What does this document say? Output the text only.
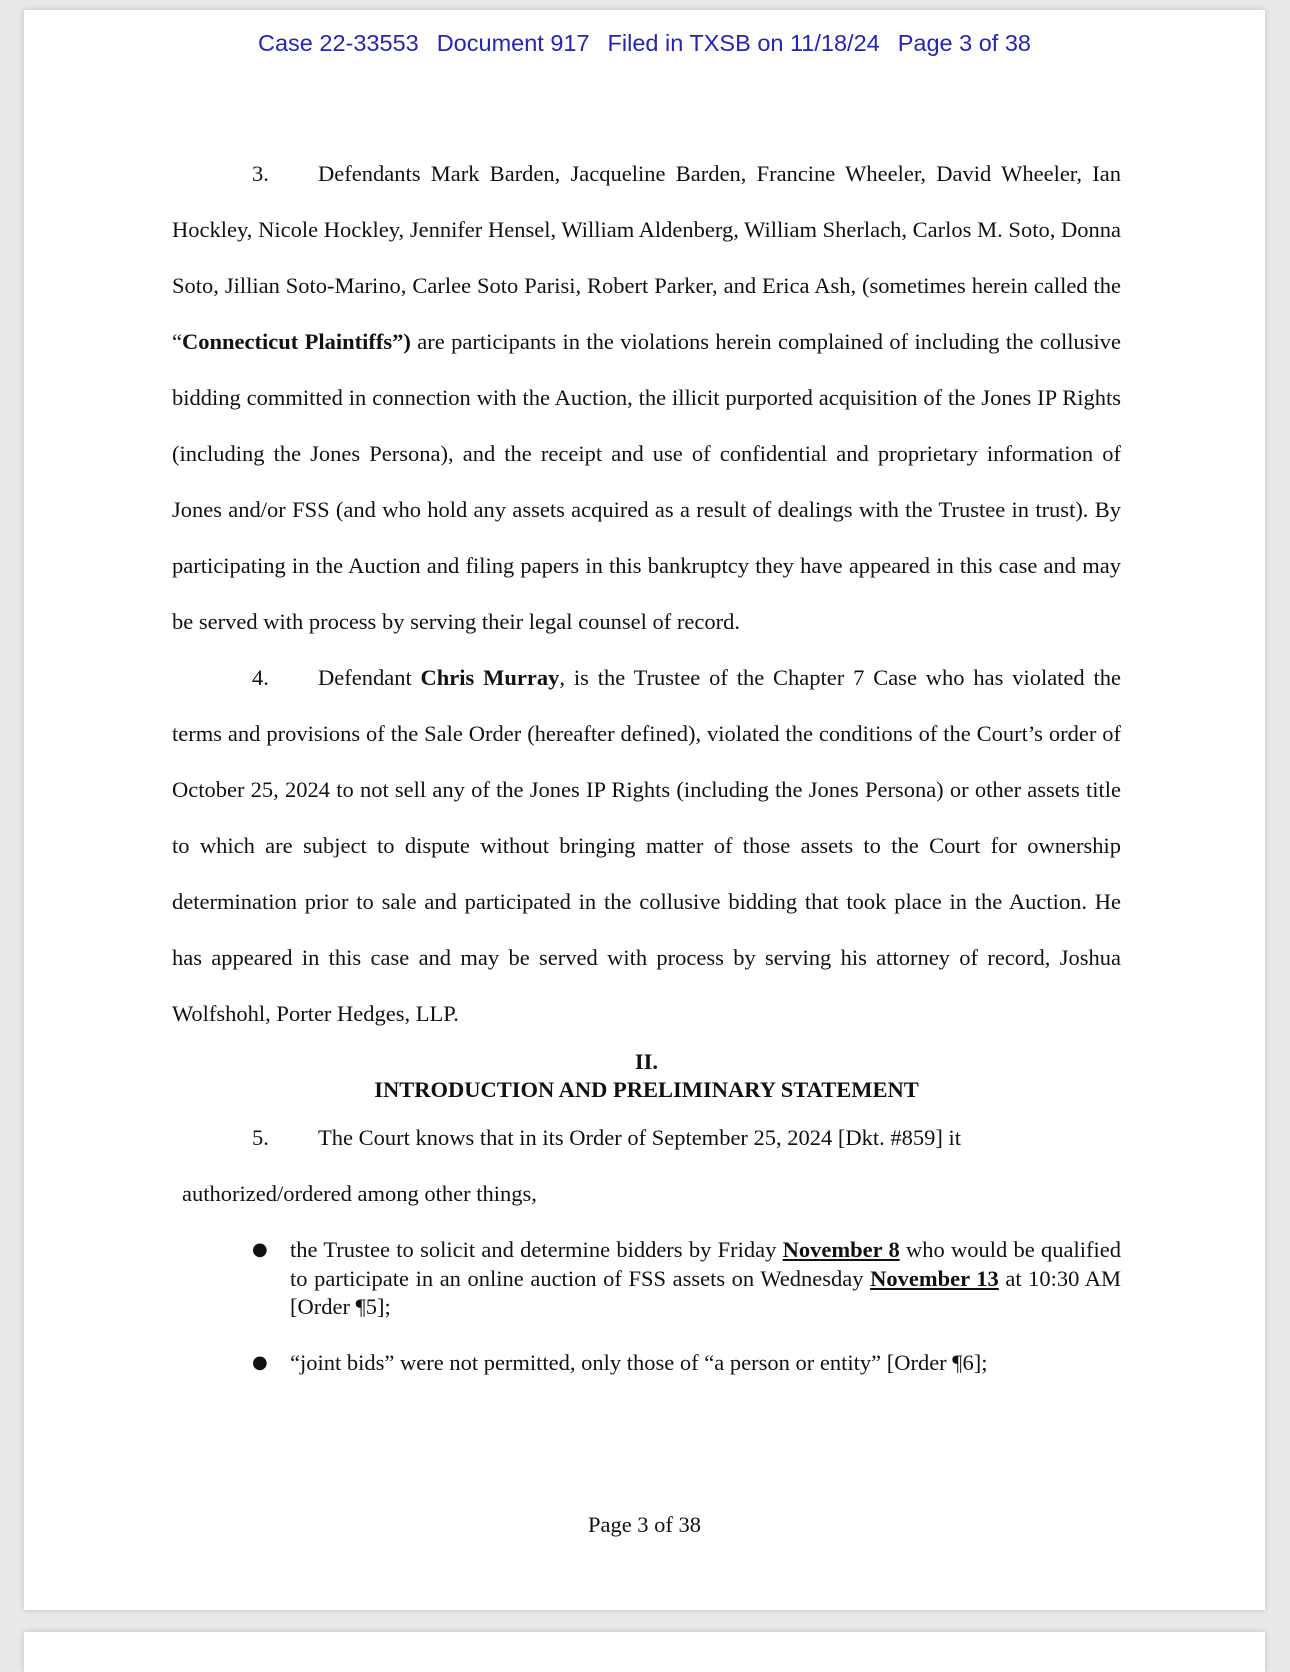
Case 22-33553 Document 917 Filed in TXSB on 11/18/24 Page 3 of 38

3. Defendants Mark Barden, Jacqueline Barden, Francine Wheeler, David Wheeler, Ian Hockley, Nicole Hockley, Jennifer Hensel, William Aldenberg, William Sherlach, Carlos M. Soto, Donna Soto, Jillian Soto-Marino, Carlee Soto Parisi, Robert Parker, and Erica Ash, (sometimes herein called the “Connecticut Plaintiffs”) are participants in the violations herein complained of including the collusive bidding committed in connection with the Auction, the illicit purported acquisition of the Jones IP Rights (including the Jones Persona), and the receipt and use of confidential and proprietary information of Jones and/or FSS (and who hold any assets acquired as a result of dealings with the Trustee in trust). By participating in the Auction and filing papers in this bankruptcy they have appeared in this case and may be served with process by serving their legal counsel of record.

4. Defendant Chris Murray, is the Trustee of the Chapter 7 Case who has violated the terms and provisions of the Sale Order (hereafter defined), violated the conditions of the Court’s order of October 25, 2024 to not sell any of the Jones IP Rights (including the Jones Persona) or other assets title to which are subject to dispute without bringing matter of those assets to the Court for ownership determination prior to sale and participated in the collusive bidding that took place in the Auction. He has appeared in this case and may be served with process by serving his attorney of record, Joshua Wolfshohl, Porter Hedges, LLP.

II.
INTRODUCTION AND PRELIMINARY STATEMENT

5. The Court knows that in its Order of September 25, 2024 [Dkt. #859] it

authorized/ordered among other things,

● the Trustee to solicit and determine bidders by Friday November 8 who would be qualified to participate in an online auction of FSS assets on Wednesday November 13 at 10:30 AM [Order ¶5];
● “joint bids” were not permitted, only those of “a person or entity” [Order ¶6];
Page 3 of 38
